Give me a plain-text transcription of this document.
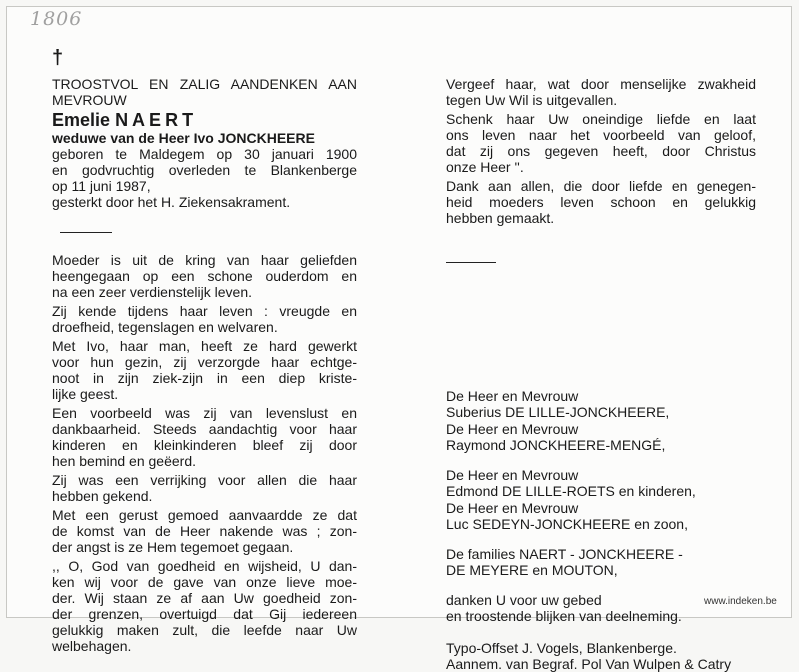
1806
†
TROOSTVOL EN ZALIG AANDENKEN AAN
MEVROUW
Emelie NAERT
weduwe van de Heer Ivo JONCKHEERE
geboren te Maldegem op 30 januari 1900
en godvruchtig overleden te Blankenberge
op 11 juni 1987,
gesterkt door het H. Ziekensakrament.

Moeder is uit de kring van haar geliefden
heengegaan op een schone ouderdom en
na een zeer verdienstelijk leven.

Zij kende tijdens haar leven : vreugde en
droefheid, tegenslagen en welvaren.

Met Ivo, haar man, heeft ze hard gewerkt
voor hun gezin, zij verzorgde haar echtge-
noot in zijn ziek-zijn in een diep kriste-
lijke geest.

Een voorbeeld was zij van levenslust en
dankbaarheid. Steeds aandachtig voor haar
kinderen en kleinkinderen bleef zij door
hen bemind en geëerd.

Zij was een verrijking voor allen die haar
hebben gekend.

Met een gerust gemoed aanvaardde ze dat
de komst van de Heer nakende was ; zon-
der angst is ze Hem tegemoet gegaan.

,, O, God van goedheid en wijsheid, U dan-
ken wij voor de gave van onze lieve moe-
der. Wij staan ze af aan Uw goedheid zon-
der grenzen, overtuigd dat Gij iedereen
gelukkig maken zult, die leefde naar Uw
welbehagen.

Vergeef haar, wat door menselijke zwakheid
tegen Uw Wil is uitgevallen.

Schenk haar Uw oneindige liefde en laat
ons leven naar het voorbeeld van geloof,
dat zij ons gegeven heeft, door Christus
onze Heer ''.

Dank aan allen, die door liefde en genegen-
heid moeders leven schoon en gelukkig
hebben gemaakt.

De Heer en Mevrouw
Suberius DE LILLE-JONCKHEERE,

De Heer en Mevrouw
Raymond JONCKHEERE-MENGÉ,

De Heer en Mevrouw
Edmond DE LILLE-ROETS en kinderen,

De Heer en Mevrouw
Luc SEDEYN-JONCKHEERE en zoon,

De families NAERT - JONCKHEERE -
DE MEYERE en MOUTON,

danken U voor uw gebed
en troostende blijken van deelneming.
Typo-Offset J. Vogels, Blankenberge.
Aannem. van Begraf. Pol Van Wulpen & Catry
www.indeken.be
